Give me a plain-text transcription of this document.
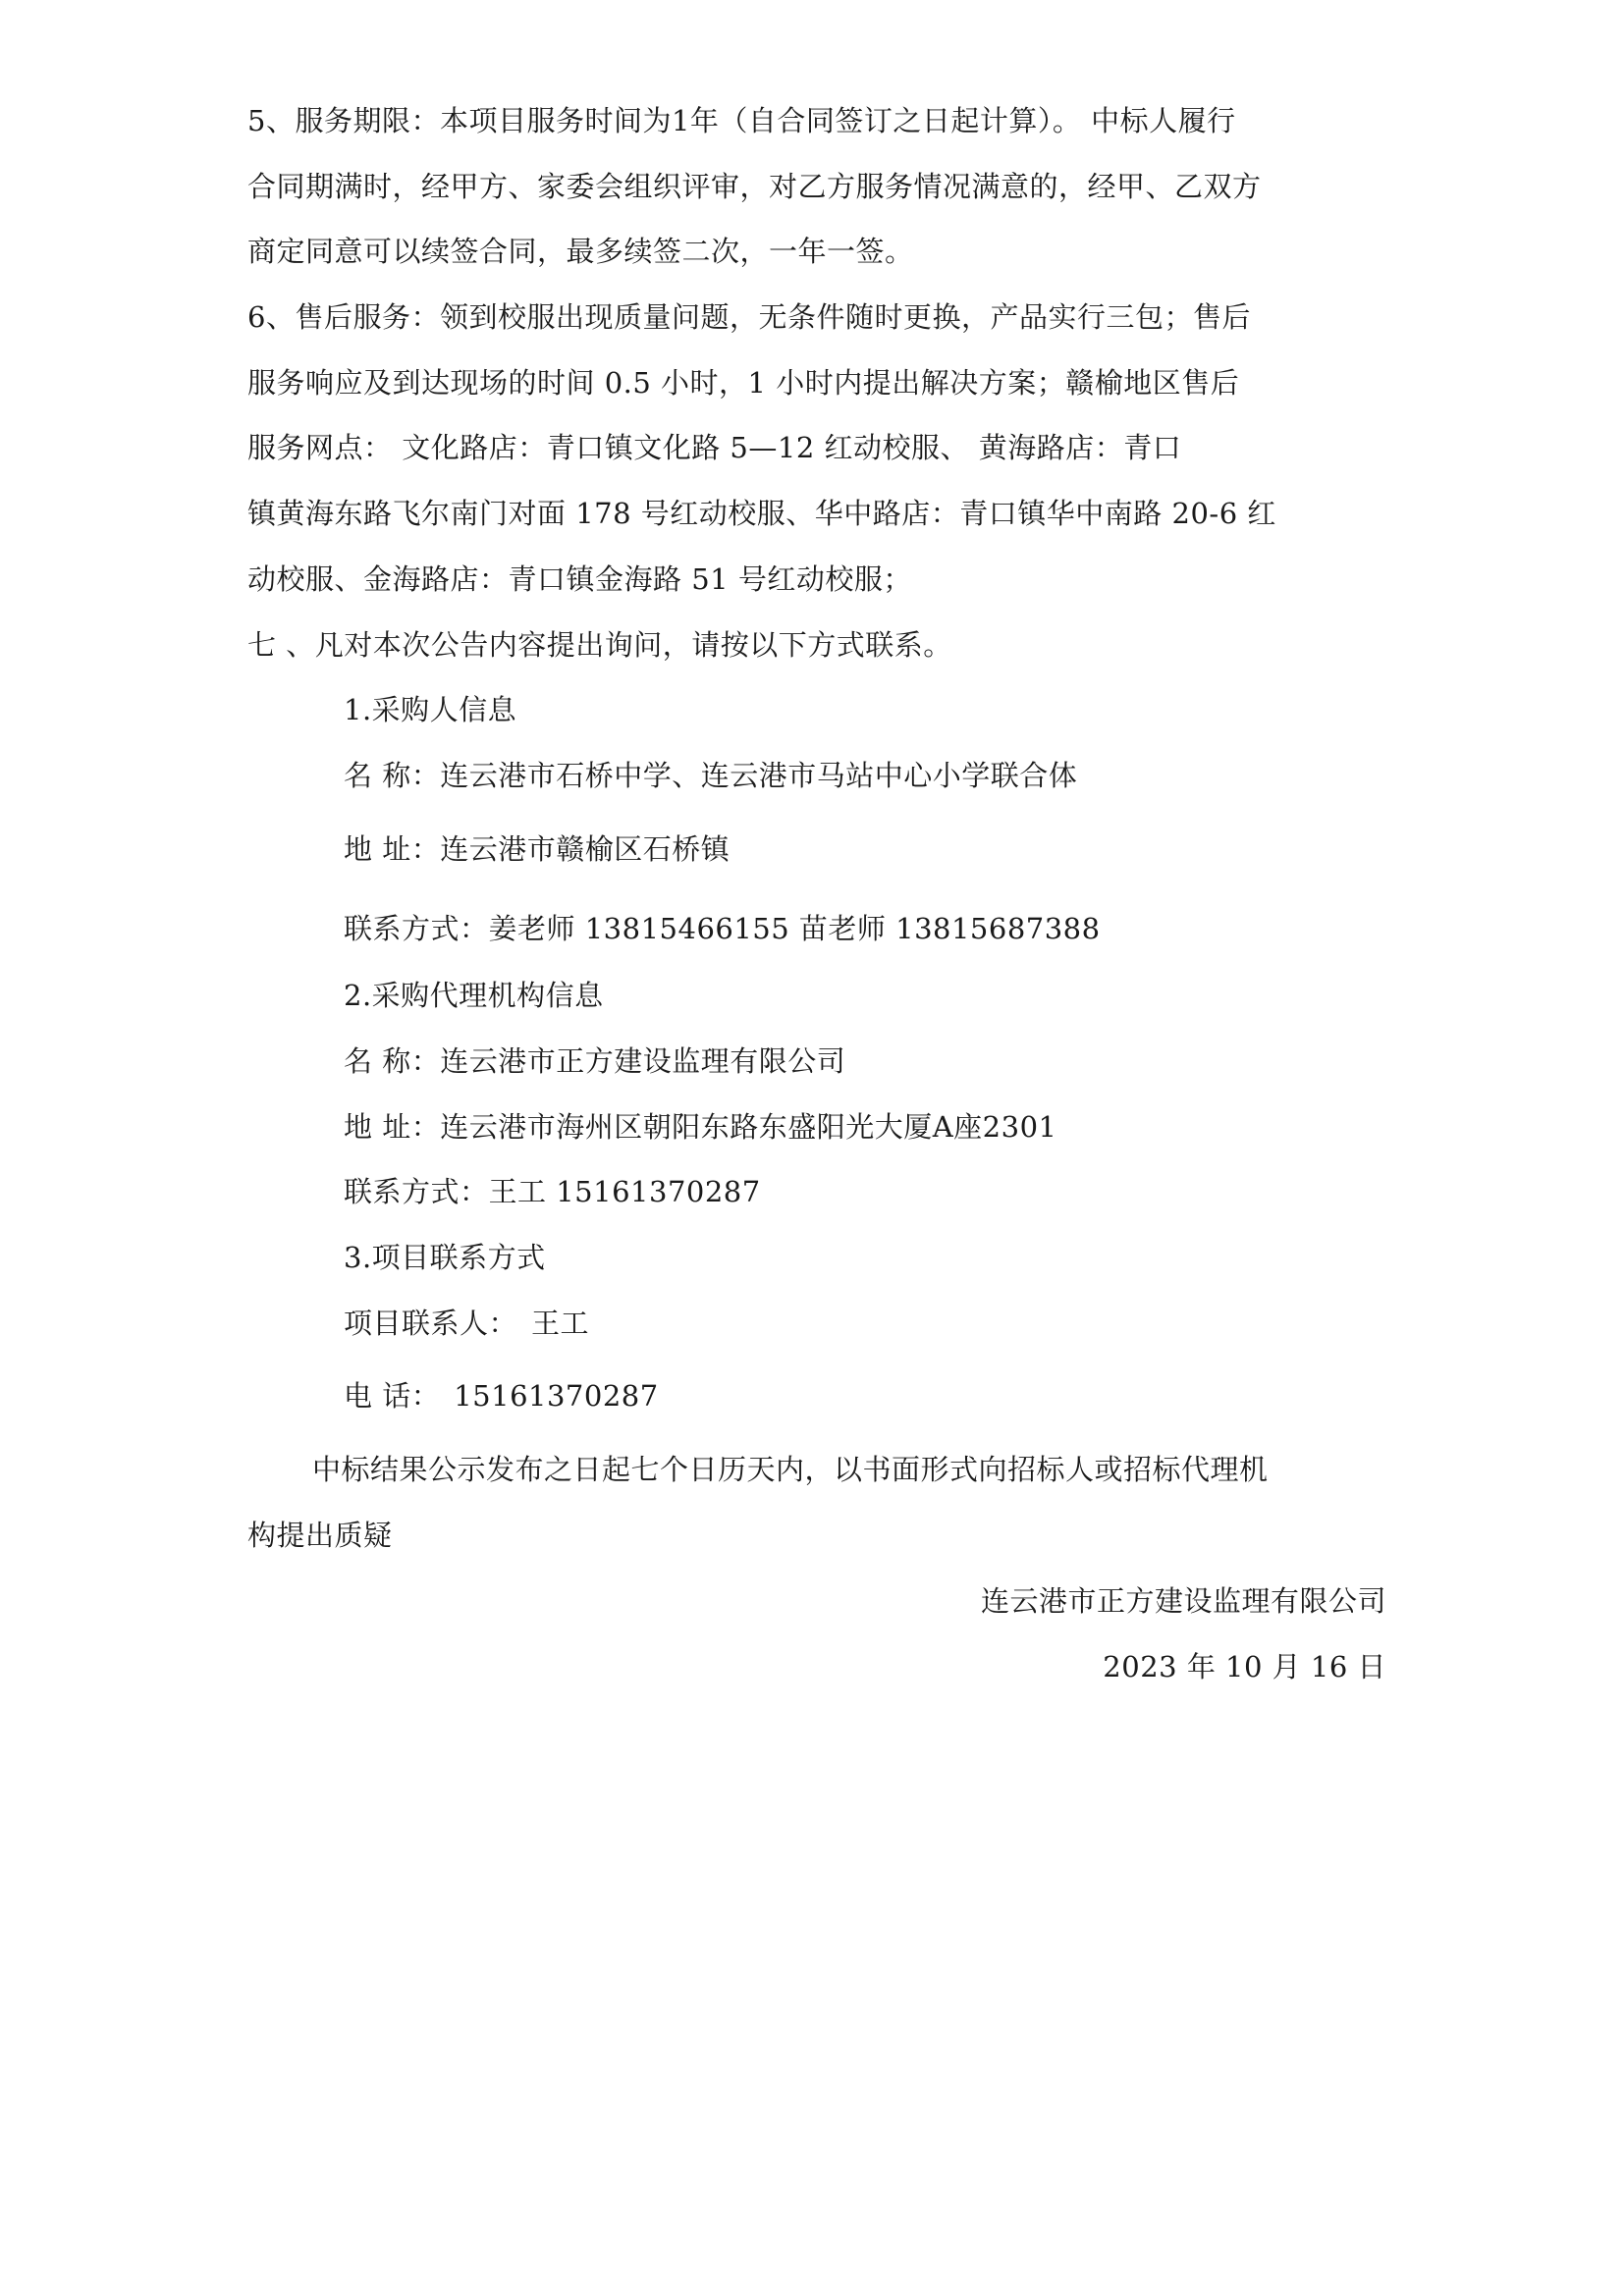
5、服务期限：本项目服务时间为1年（自合同签订之日起计算）。 中标人履行
合同期满时，经甲方、家委会组织评审，对乙方服务情况满意的，经甲、乙双方
商定同意可以续签合同，最多续签二次，一年一签。
6、售后服务：领到校服出现质量问题，无条件随时更换，产品实行三包；售后
服务响应及到达现场的时间 0.5 小时，1 小时内提出解决方案；赣榆地区售后
服务网点： 文化路店：青口镇文化路 5—12 红动校服、 黄海路店：青口
镇黄海东路飞尔南门对面 178 号红动校服、华中路店：青口镇华中南路 20-6 红
动校服、金海路店：青口镇金海路 51 号红动校服；
七 、凡对本次公告内容提出询问，请按以下方式联系。
1.采购人信息
名 称：连云港市石桥中学、连云港市马站中心小学联合体
地 址：连云港市赣榆区石桥镇
联系方式：姜老师 13815466155 苗老师 13815687388
2.采购代理机构信息
名 称：连云港市正方建设监理有限公司
地 址：连云港市海州区朝阳东路东盛阳光大厦A座2301
联系方式：王工 15161370287
3.项目联系方式
项目联系人： 王工
电 话： 15161370287
中标结果公示发布之日起七个日历天内，以书面形式向招标人或招标代理机
构提出质疑
连云港市正方建设监理有限公司
2023 年 10 月 16 日
